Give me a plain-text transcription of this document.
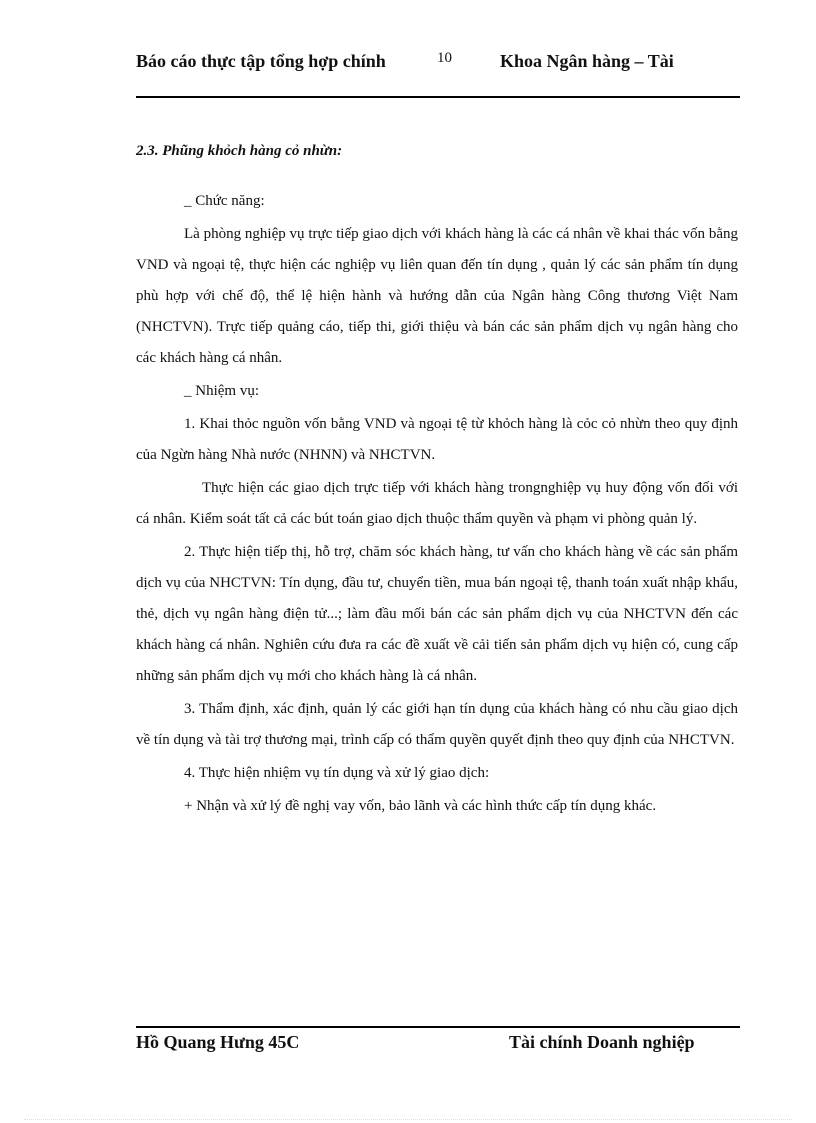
Báo cáo thực tập tổng hợp chính	10	Khoa Ngân hàng – Tài

2.3. Phũng khỏch hàng cỏ nhừn:

_ Chức năng:

Là phòng nghiệp vụ trực tiếp giao dịch với khách hàng là các cá nhân về khai thác vốn bằng VND và ngoại tệ, thực hiện các nghiệp vụ liên quan đến tín dụng , quản lý các sản phẩm tín dụng phù hợp với chế độ, thể lệ hiện hành và hướng dẫn của Ngân hàng Công thương Việt Nam (NHCTVN). Trực tiếp quảng cáo, tiếp thi, giới thiệu và bán các sản phẩm dịch vụ ngân hàng cho các khách hàng cá nhân.

_ Nhiệm vụ:

1. Khai thỏc nguồn vốn bằng VND và ngoại tệ từ khỏch hàng là cỏc cỏ nhừn theo quy định của Ngừn hàng Nhà nước (NHNN) và NHCTVN.

Thực hiện các giao dịch trực tiếp với khách hàng trongnghiệp vụ huy động vốn đối với cá nhân. Kiểm soát tất cả các bút toán giao dịch thuộc thẩm quyền và phạm vi phòng quản lý.

2. Thực hiện tiếp thị, hỗ trợ, chăm sóc khách hàng, tư vấn cho khách hàng về các sản phẩm dịch vụ của NHCTVN: Tín dụng, đầu tư, chuyển tiền, mua bán ngoại tệ, thanh toán xuất nhập khẩu, thẻ, dịch vụ ngân hàng điện tử...; làm đầu mối bán các sản phẩm dịch vụ của NHCTVN đến các khách hàng cá nhân. Nghiên cứu đưa ra các đề xuất về cải tiến sản phẩm dịch vụ hiện có, cung cấp những sản phẩm dịch vụ mới cho khách hàng là cá nhân.

3. Thẩm định, xác định, quản lý các giới hạn tín dụng của khách hàng có nhu cầu giao dịch về tín dụng và tài trợ thương mại, trình cấp có thẩm quyền quyết định theo quy định của NHCTVN.

4. Thực hiện nhiệm vụ tín dụng và xử lý giao dịch:

+ Nhận và xử lý đề nghị vay vốn, bảo lãnh và các hình thức cấp tín dụng khác.

Hồ Quang Hưng 45C	Tài chính Doanh nghiệp
